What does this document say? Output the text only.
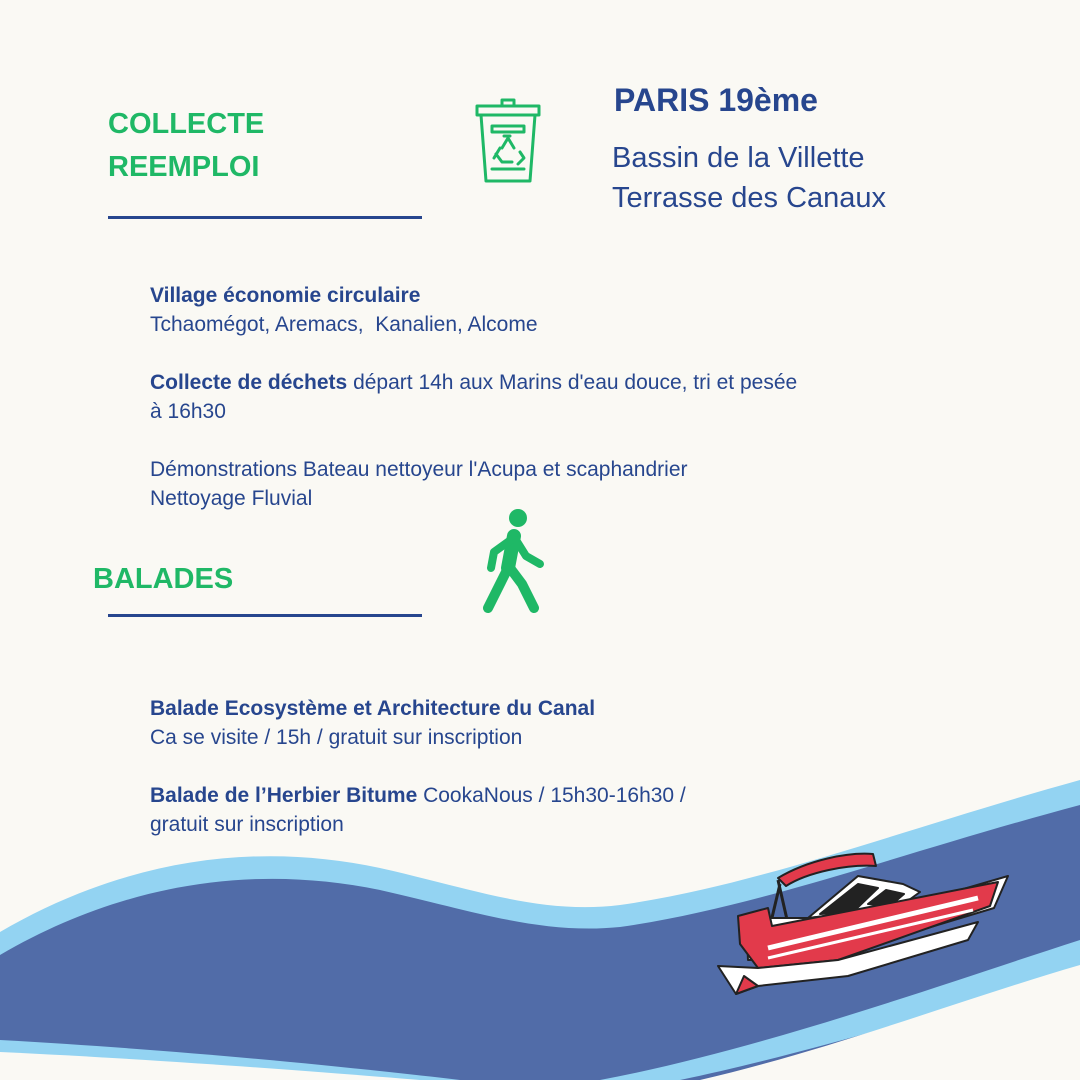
COLLECTE
REEMPLOI
PARIS 19ème

Bassin de la Villette

Terrasse des Canaux

Village économie circulaire
Tchaomégot, Aremacs,  Kanalien, Alcome

Collecte de déchets départ 14h aux Marins d'eau douce, tri et pesée
à 16h30

Démonstrations Bateau nettoyeur l'Acupa et scaphandrier
Nettoyage Fluvial

BALADES

Balade Ecosystème et Architecture du Canal
Ca se visite / 15h / gratuit sur inscription

Balade de l’Herbier Bitume CookaNous / 15h30-16h30 /
gratuit sur inscription
